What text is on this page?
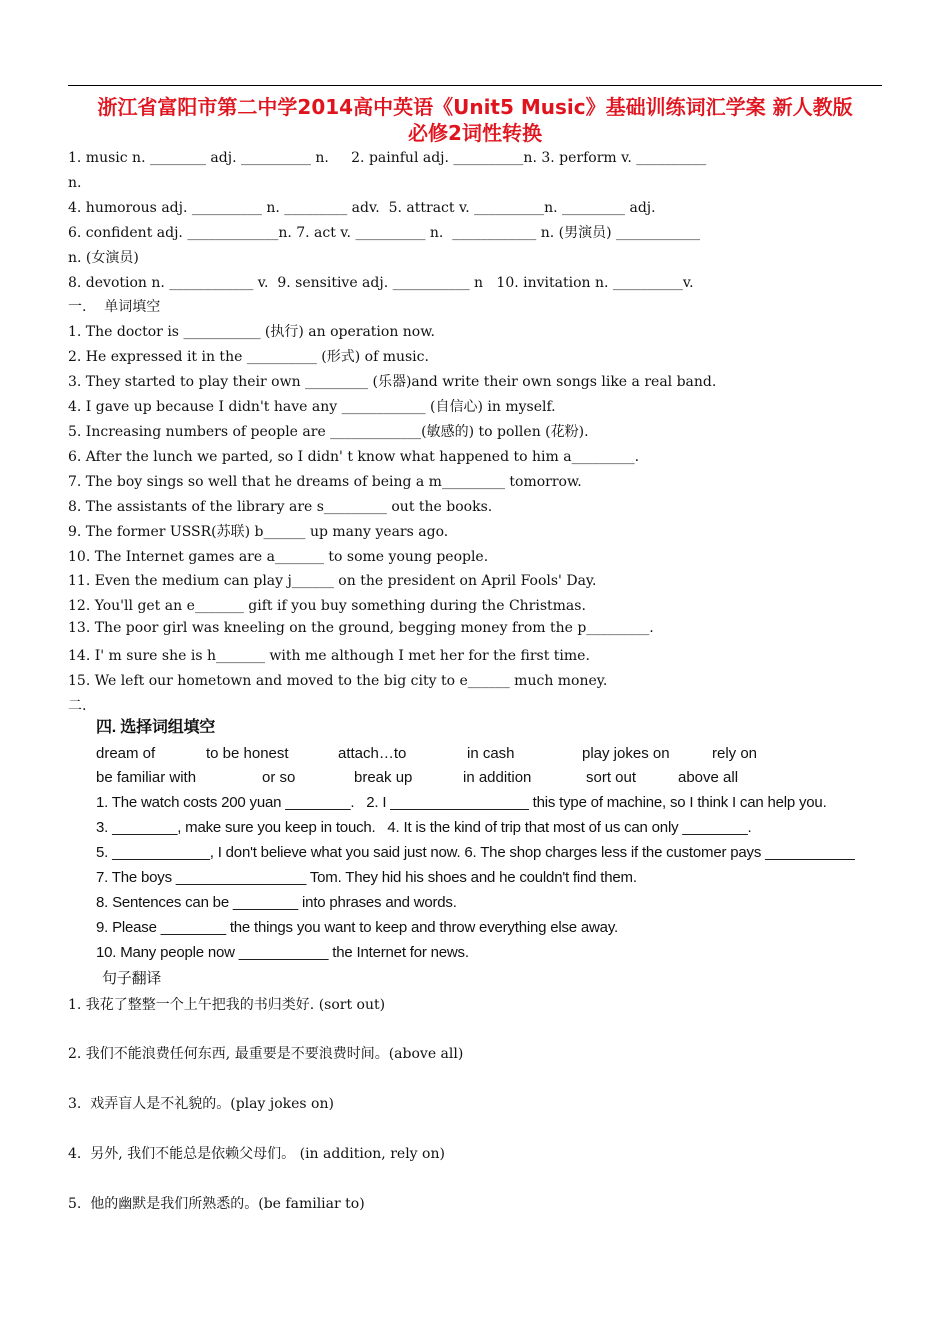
浙江省富阳市第二中学2014高中英语《Unit5 Music》基础训练词汇学案 新人教版
必修2词性转换
1. music n. ________ adj. __________ n.     2. painful adj. __________n. 3. perform v. __________
n.
4. humorous adj. __________ n. _________ adv.  5. attract v. __________n. _________ adj.
6. confident adj. _____________n. 7. act v. __________ n.  ____________ n. (男演员) ____________
n. (女演员)
8. devotion n. ____________ v.  9. sensitive adj. ___________ n   10. invitation n. __________v.
一.    单词填空
1. The doctor is ___________ (执行) an operation now.
2. He expressed it in the __________ (形式) of music.
3. They started to play their own _________ (乐器)and write their own songs like a real band.
4. I gave up because I didn't have any ____________ (自信心) in myself.
5. Increasing numbers of people are _____________(敏感的) to pollen (花粉).
6. After the lunch we parted, so I didn' t know what happened to him a_________.
7. The boy sings so well that he dreams of being a m_________ tomorrow.
8. The assistants of the library are s_________ out the books.
9. The former USSR(苏联) b______ up many years ago.
10. The Internet games are a_______ to some young people.
11. Even the medium can play j______ on the president on April Fools' Day.
12. You'll get an e_______ gift if you buy something during the Christmas.
13. The poor girl was kneeling on the ground, begging money from the p_________.
14. I' m sure she is h_______ with me although I met her for the first time.
15. We left our hometown and moved to the big city to e______ much money.
二.
四. 选择词组填空
dream of	to be honest	attach…to	in cash	play jokes on	rely on
be familiar with	or so	break up	in addition	sort out	above all
1. The watch costs 200 yuan ________.   2. I _________________ this type of machine, so I think I can help you.
3. ________, make sure you keep in touch.   4. It is the kind of trip that most of us can only ________.
5. ____________, I don't believe what you said just now. 6. The shop charges less if the customer pays ___________
7. The boys ________________ Tom. They hid his shoes and he couldn't find them.
8. Sentences can be ________ into phrases and words.
9. Please ________ the things you want to keep and throw everything else away.
10. Many people now ___________ the Internet for news.
句子翻译
1. 我花了整整一个上午把我的书归类好. (sort out)
2. 我们不能浪费任何东西, 最重要是不要浪费时间。(above all)
3.  戏弄盲人是不礼貌的。(play jokes on)
4.  另外, 我们不能总是依赖父母们。 (in addition, rely on)
5.  他的幽默是我们所熟悉的。(be familiar to)
